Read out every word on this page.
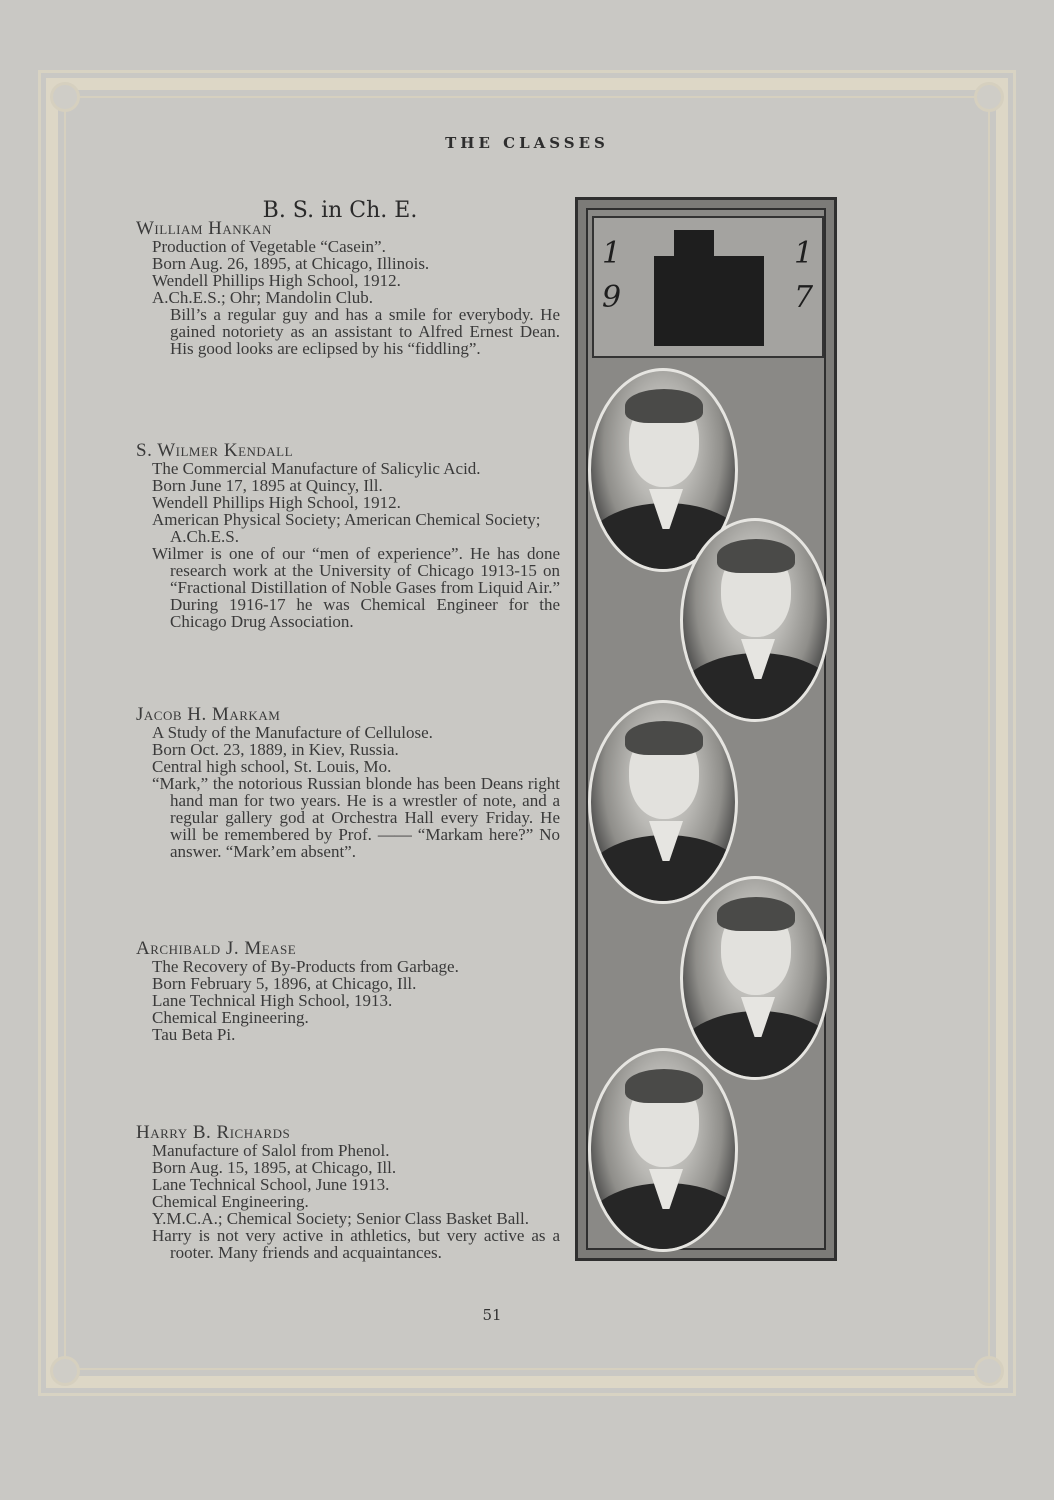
THE CLASSES
B. S. in Ch. E.
William Hankan
Production of Vegetable “Casein”.
Born Aug. 26, 1895, at Chicago, Illinois.
Wendell Phillips High School, 1912.
A.Ch.E.S.; Ohr; Mandolin Club.
Bill’s a regular guy and has a smile for everybody. He gained notoriety as an assistant to Alfred Ernest Dean. His good looks are eclipsed by his “fiddling”.
S. Wilmer Kendall
The Commercial Manufacture of Salicylic Acid.
Born June 17, 1895 at Quincy, Ill.
Wendell Phillips High School, 1912.
American Physical Society; American Chemical Society;
A.Ch.E.S.
Wilmer is one of our “men of experience”. He has done research work at the University of Chicago 1913-15 on “Fractional Distillation of Noble Gases from Liquid Air.” During 1916-17 he was Chemical Engineer for the Chicago Drug Association.
Jacob H. Markam
A Study of the Manufacture of Cellulose.
Born Oct. 23, 1889, in Kiev, Russia.
Central high school, St. Louis, Mo.
“Mark,” the notorious Russian blonde has been Deans right hand man for two years. He is a wrestler of note, and a regular gallery god at Orchestra Hall every Friday. He will be remembered by Prof. —— “Markam here?” No answer. “Mark’em absent”.
Archibald J. Mease
The Recovery of By-Products from Garbage.
Born February 5, 1896, at Chicago, Ill.
Lane Technical High School, 1913.
Chemical Engineering.
Tau Beta Pi.
Harry B. Richards
Manufacture of Salol from Phenol.
Born Aug. 15, 1895, at Chicago, Ill.
Lane Technical School, June 1913.
Chemical Engineering.
Y.M.C.A.; Chemical Society; Senior Class Basket Ball.
Harry is not very active in athletics, but very active as a rooter. Many friends and acquaintances.
1
9
1
7
51
